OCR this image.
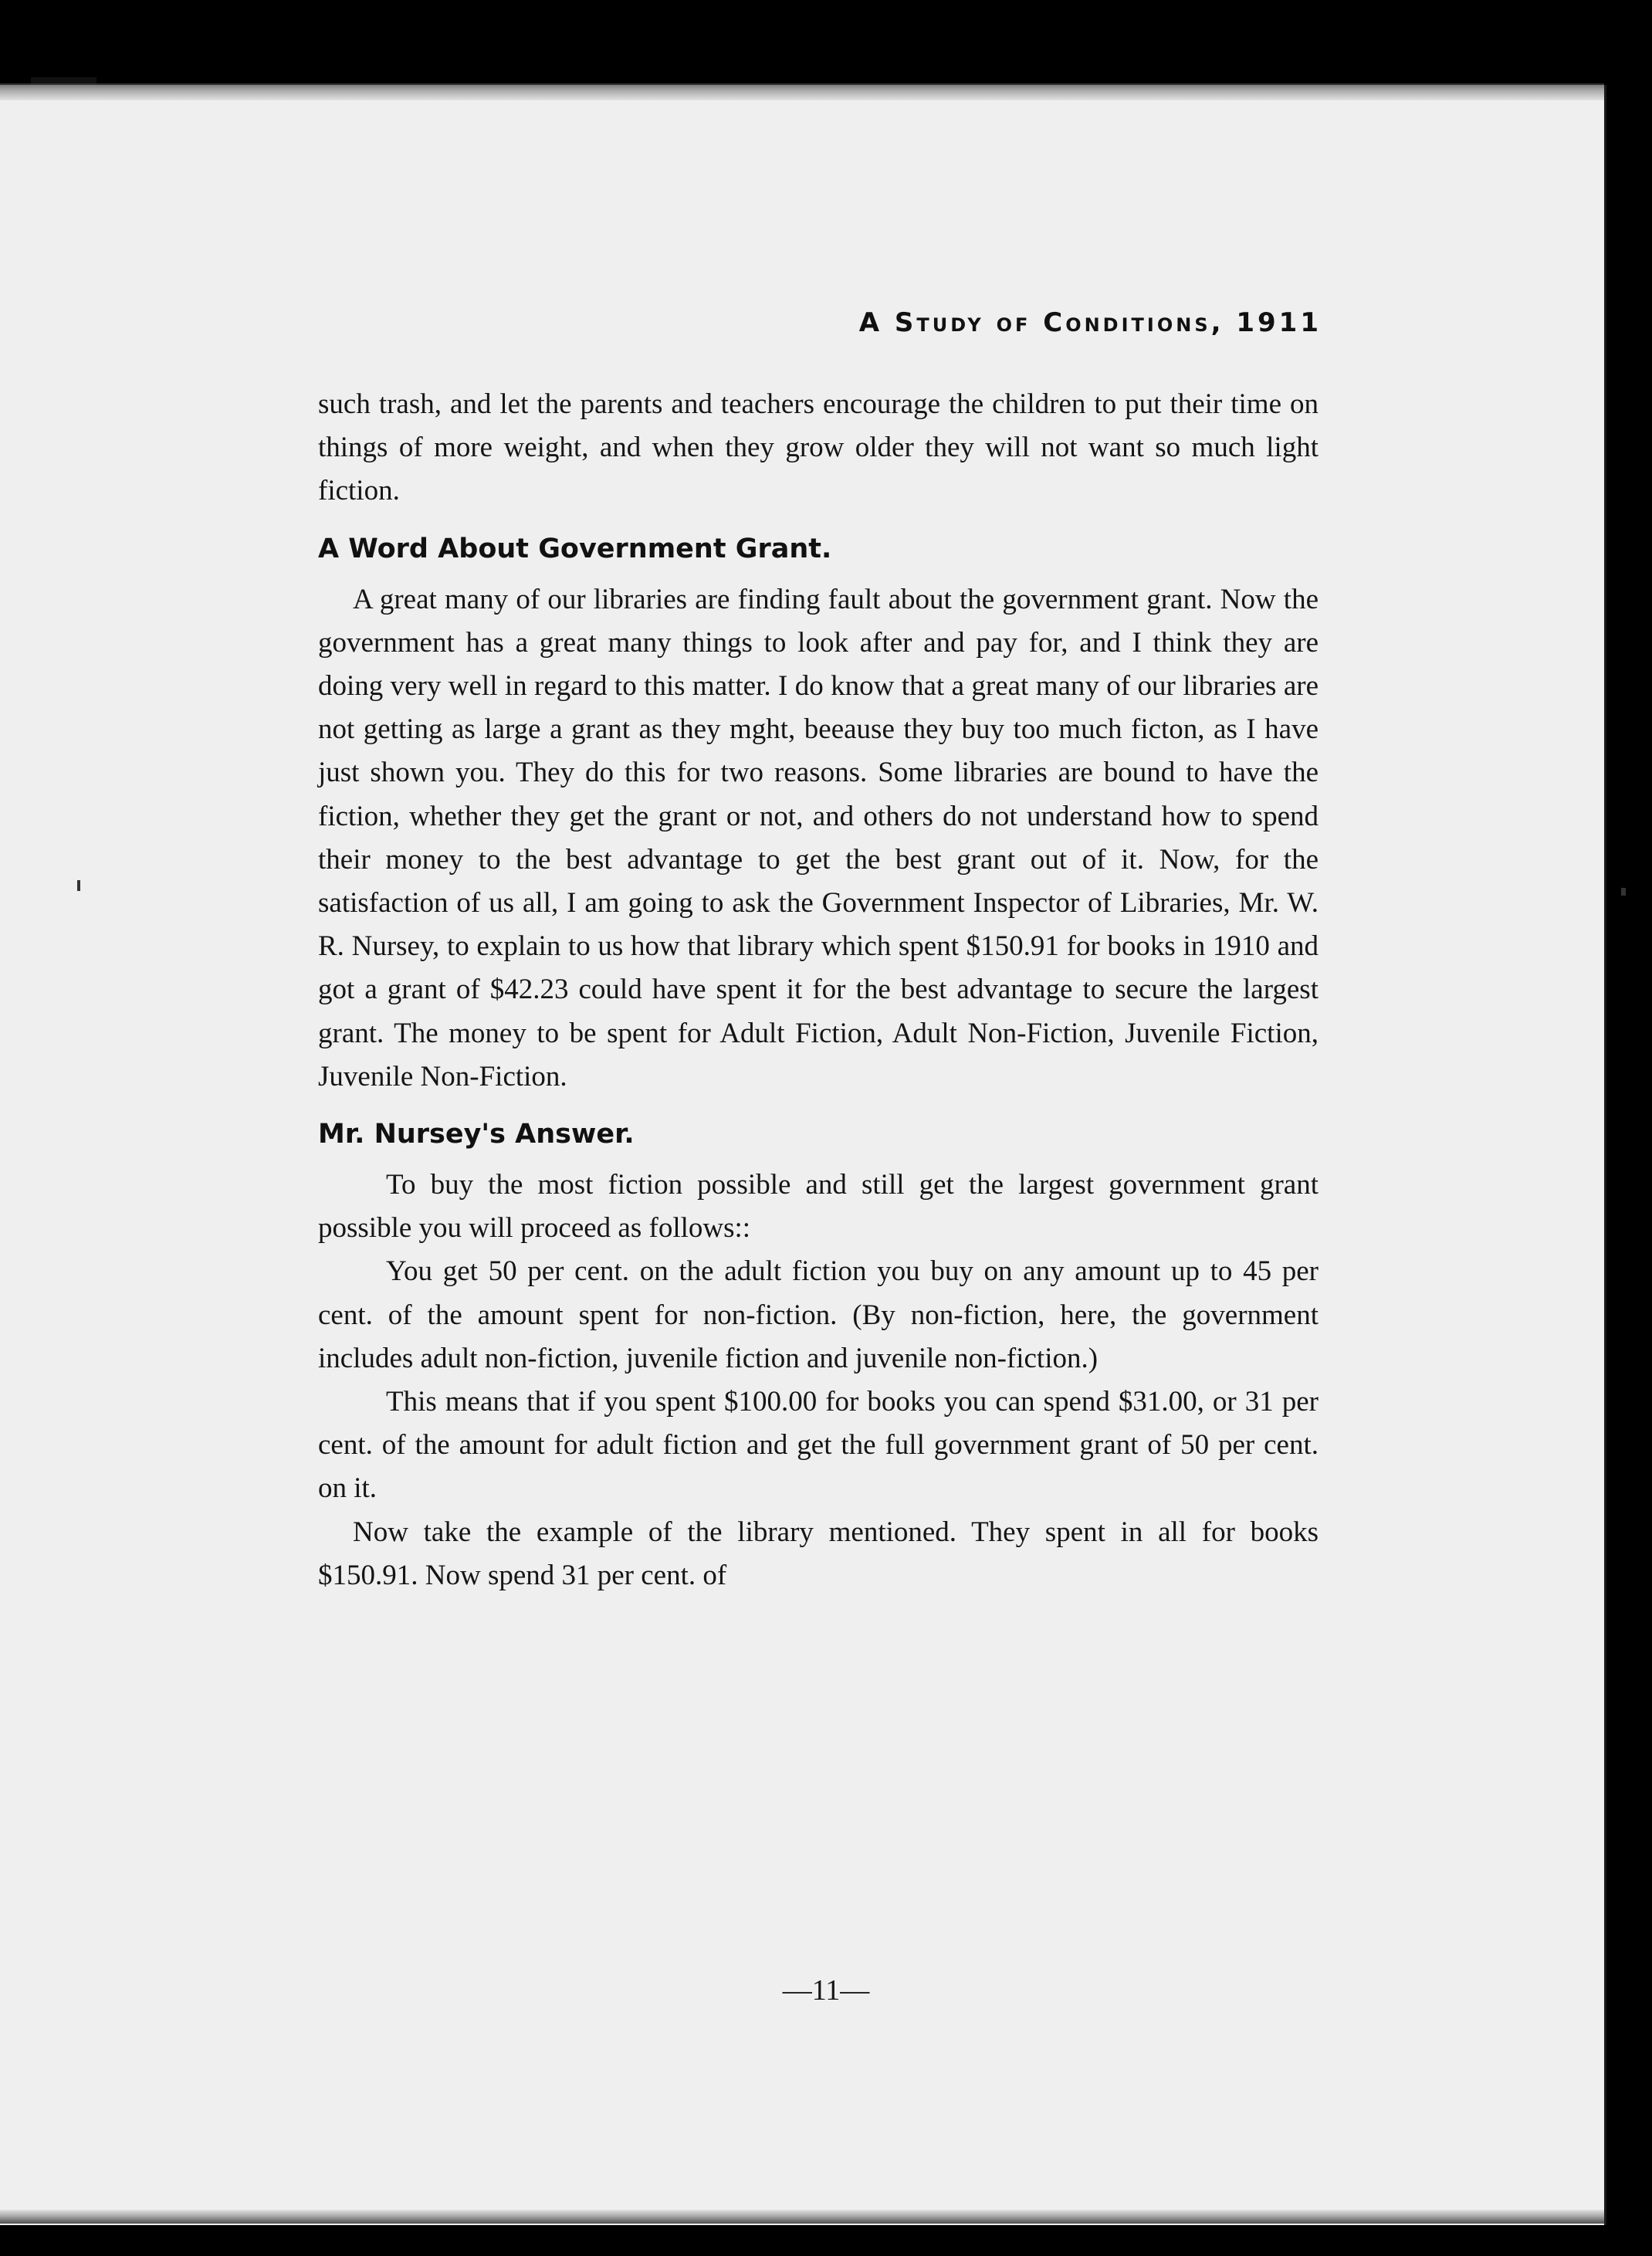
A Study of Conditions, 1911

such trash, and let the parents and teachers encourage the children to put their time on things of more weight, and when they grow older they will not want so much light fiction.

A Word About Government Grant.

A great many of our libraries are finding fault about the government grant. Now the government has a great many things to look after and pay for, and I think they are doing very well in regard to this matter. I do know that a great many of our libraries are not getting as large a grant as they mght, beeause they buy too much ficton, as I have just shown you. They do this for two reasons. Some libraries are bound to have the fiction, whether they get the grant or not, and others do not understand how to spend their money to the best advantage to get the best grant out of it. Now, for the satisfaction of us all, I am going to ask the Government Inspector of Libraries, Mr. W. R. Nursey, to explain to us how that library which spent $150.91 for books in 1910 and got a grant of $42.23 could have spent it for the best advantage to secure the largest grant. The money to be spent for Adult Fiction, Adult Non-Fiction, Juvenile Fiction, Juvenile Non-Fiction.

Mr. Nursey's Answer.

To buy the most fiction possible and still get the largest government grant possible you will proceed as follows::

You get 50 per cent. on the adult fiction you buy on any amount up to 45 per cent. of the amount spent for non-fiction. (By non-fiction, here, the government includes adult non-fiction, juvenile fiction and juvenile non-fiction.)

This means that if you spent $100.00 for books you can spend $31.00, or 31 per cent. of the amount for adult fiction and get the full government grant of 50 per cent. on it.

Now take the example of the library mentioned. They spent in all for books $150.91. Now spend 31 per cent. of

—11—
